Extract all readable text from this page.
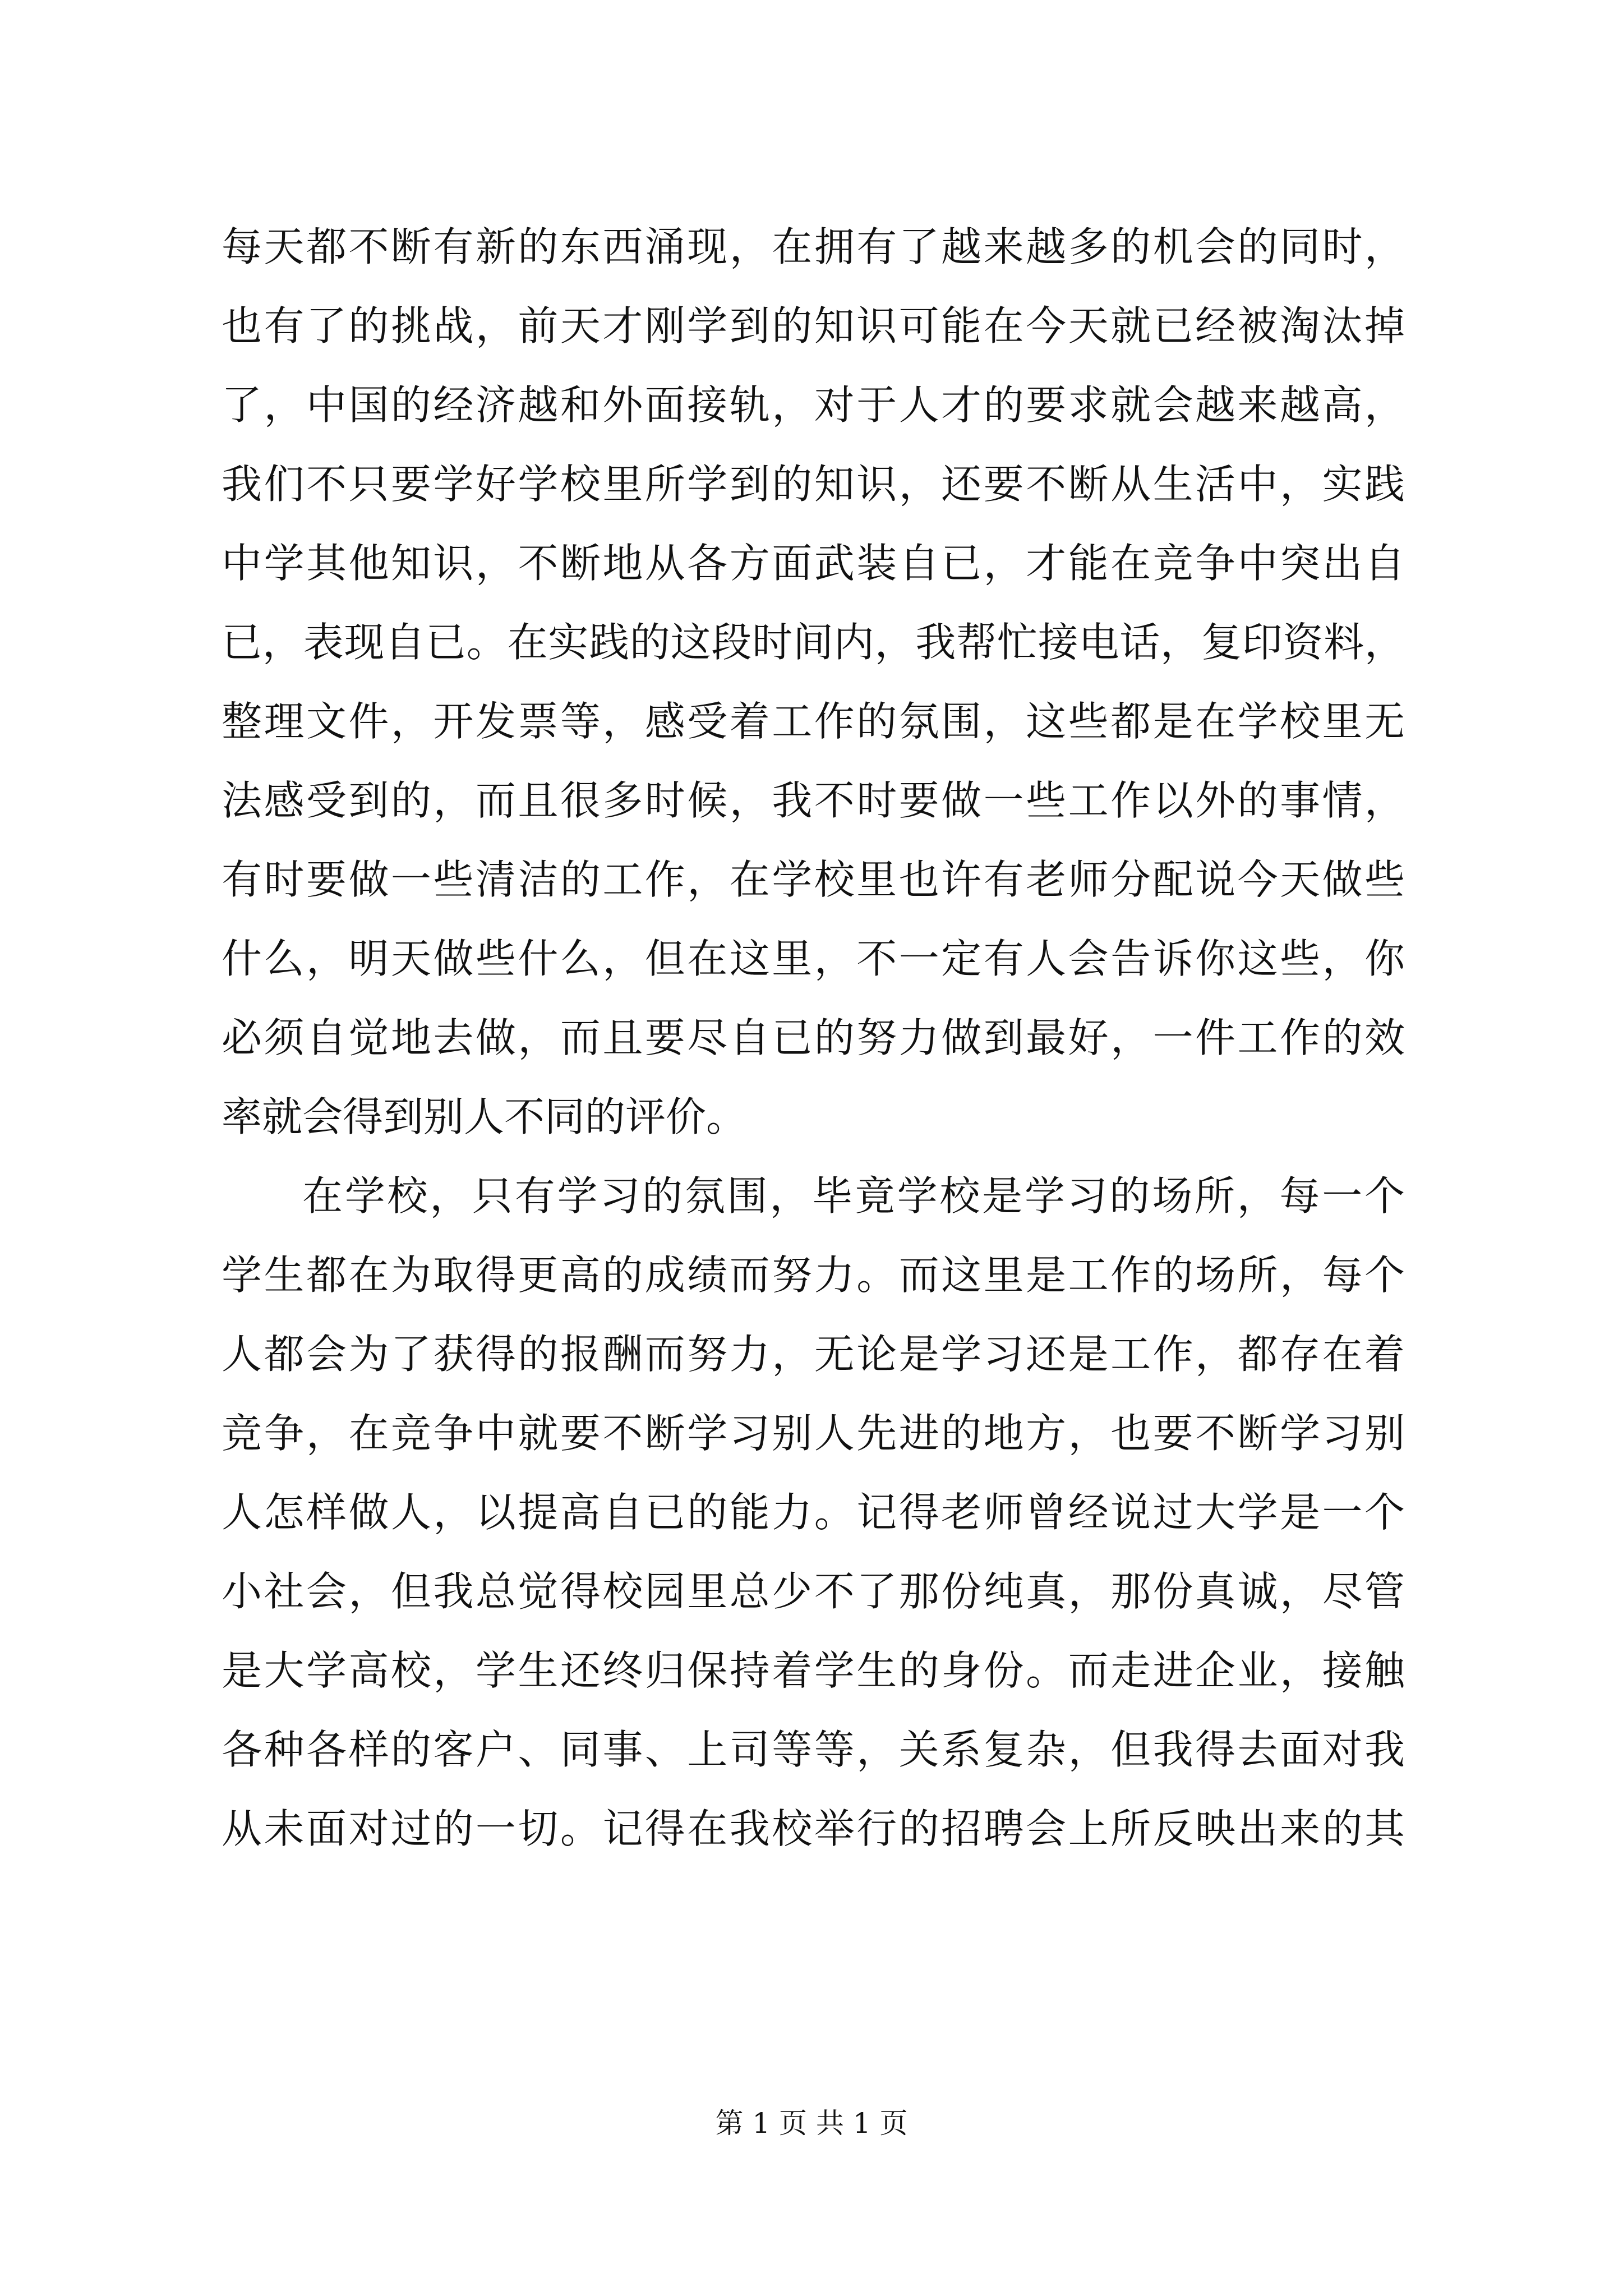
每天都不断有新的东西涌现，在拥有了越来越多的机会的同时，
也有了的挑战，前天才刚学到的知识可能在今天就已经被淘汰掉
了，中国的经济越和外面接轨，对于人才的要求就会越来越高，
我们不只要学好学校里所学到的知识，还要不断从生活中，实践
中学其他知识，不断地从各方面武装自已，才能在竞争中突出自
已，表现自已。在实践的这段时间内，我帮忙接电话，复印资料，
整理文件，开发票等，感受着工作的氛围，这些都是在学校里无
法感受到的，而且很多时候，我不时要做一些工作以外的事情，
有时要做一些清洁的工作，在学校里也许有老师分配说今天做些
什么，明天做些什么，但在这里，不一定有人会告诉你这些，你
必须自觉地去做，而且要尽自已的努力做到最好，一件工作的效
率就会得到别人不同的评价。
在学校，只有学习的氛围，毕竟学校是学习的场所，每一个
学生都在为取得更高的成绩而努力。而这里是工作的场所，每个
人都会为了获得的报酬而努力，无论是学习还是工作，都存在着
竞争，在竞争中就要不断学习别人先进的地方，也要不断学习别
人怎样做人，以提高自已的能力。记得老师曾经说过大学是一个
小社会，但我总觉得校园里总少不了那份纯真，那份真诚，尽管
是大学高校，学生还终归保持着学生的身份。而走进企业，接触
各种各样的客户、同事、上司等等，关系复杂，但我得去面对我
从未面对过的一切。记得在我校举行的招聘会上所反映出来的其
第 1 页 共 1 页
